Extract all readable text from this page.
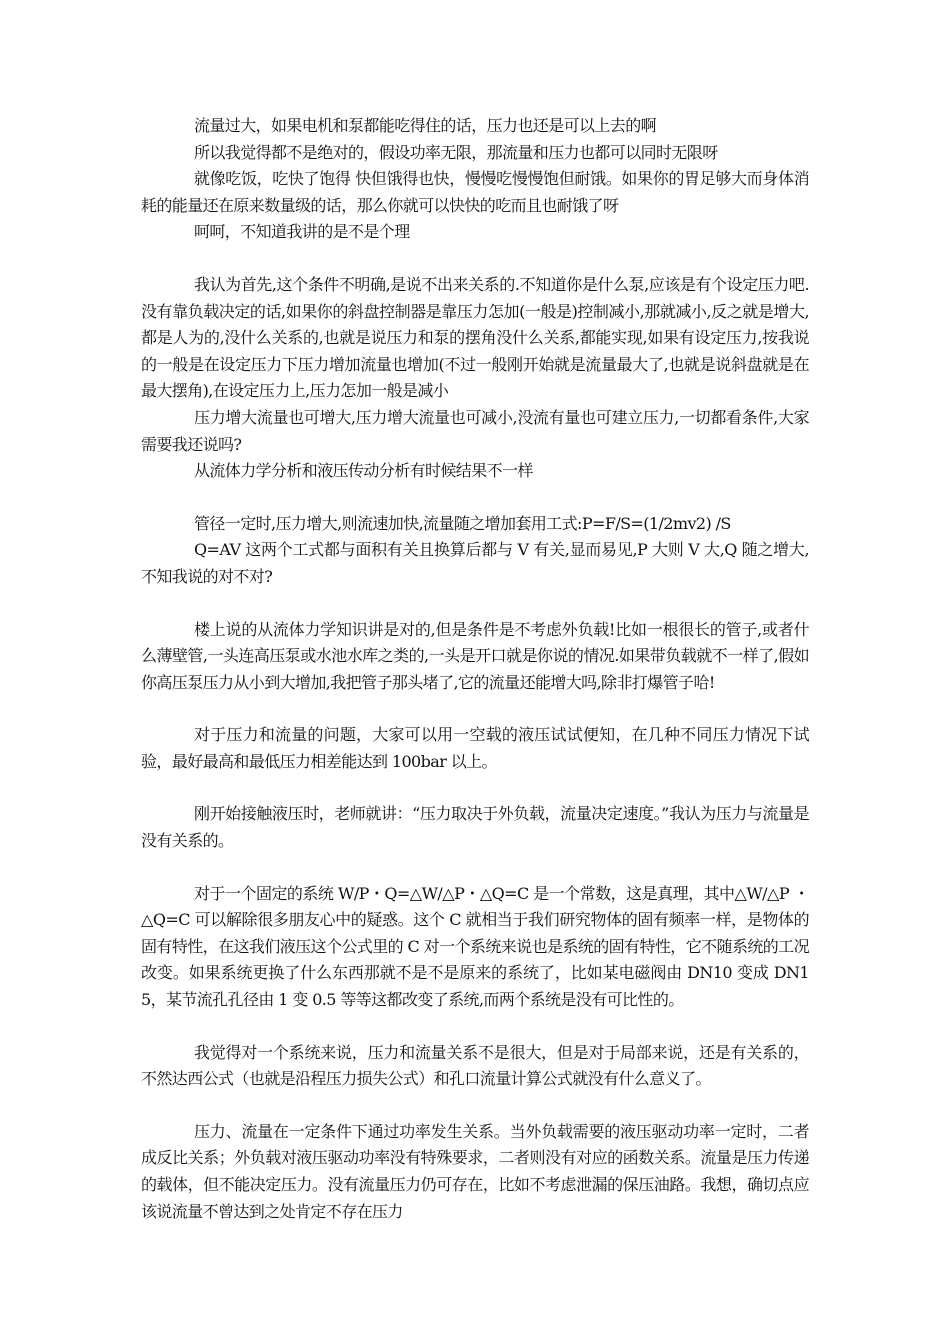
流量过大，如果电机和泵都能吃得住的话，压力也还是可以上去的啊

所以我觉得都不是绝对的，假设功率无限，那流量和压力也都可以同时无限呀

就像吃饭，吃快了饱得 快但饿得也快，慢慢吃慢慢饱但耐饿。如果你的胃足够大而身体消耗的能量还在原来数量级的话，那么你就可以快快的吃而且也耐饿了呀

呵呵，不知道我讲的是不是个理

我认为首先,这个条件不明确,是说不出来关系的.不知道你是什么泵,应该是有个设定压力吧.没有靠负载决定的话,如果你的斜盘控制器是靠压力怎加(一般是)控制减小,那就减小,反之就是增大,都是人为的,没什么关系的,也就是说压力和泵的摆角没什么关系,都能实现,如果有设定压力,按我说的一般是在设定压力下压力增加流量也增加(不过一般刚开始就是流量最大了,也就是说斜盘就是在最大摆角),在设定压力上,压力怎加一般是减小

压力增大流量也可增大,压力增大流量也可减小,没流有量也可建立压力,一切都看条件,大家需要我还说吗?

从流体力学分析和液压传动分析有时候结果不一样

管径一定时,压力增大,则流速加快,流量随之增加套用工式:P=F/S=(1/2mv2) /S

Q=AV 这两个工式都与面积有关且换算后都与 V 有关,显而易见,P 大则 V 大,Q 随之增大,不知我说的对不对?

楼上说的从流体力学知识讲是对的,但是条件是不考虑外负载!比如一根很长的管子,或者什么薄壁管,一头连高压泵或水池水库之类的,一头是开口就是你说的情况.如果带负载就不一样了,假如你高压泵压力从小到大增加,我把管子那头堵了,它的流量还能增大吗,除非打爆管子哈!

对于压力和流量的问题，大家可以用一空载的液压试试便知，在几种不同压力情况下试验，最好最高和最低压力相差能达到 100bar 以上。

刚开始接触液压时，老师就讲：“压力取决于外负载，流量决定速度。”我认为压力与流量是没有关系的。

对于一个固定的系统 W/P・Q=△W/△P・△Q=C 是一个常数，这是真理，其中△W/△P ・△Q=C 可以解除很多朋友心中的疑惑。这个 C 就相当于我们研究物体的固有频率一样，是物体的固有特性，在这我们液压这个公式里的 C 对一个系统来说也是系统的固有特性，它不随系统的工况改变。如果系统更换了什么东西那就不是不是原来的系统了，比如某电磁阀由 DN10 变成 DN15，某节流孔孔径由 1 变 0.5 等等这都改变了系统,而两个系统是没有可比性的。

我觉得对一个系统来说，压力和流量关系不是很大，但是对于局部来说，还是有关系的，不然达西公式（也就是沿程压力损失公式）和孔口流量计算公式就没有什么意义了。

压力、流量在一定条件下通过功率发生关系。当外负载需要的液压驱动功率一定时，二者成反比关系；外负载对液压驱动功率没有特殊要求，二者则没有对应的函数关系。流量是压力传递的载体，但不能决定压力。没有流量压力仍可存在，比如不考虑泄漏的保压油路。我想，确切点应该说流量不曾达到之处肯定不存在压力
